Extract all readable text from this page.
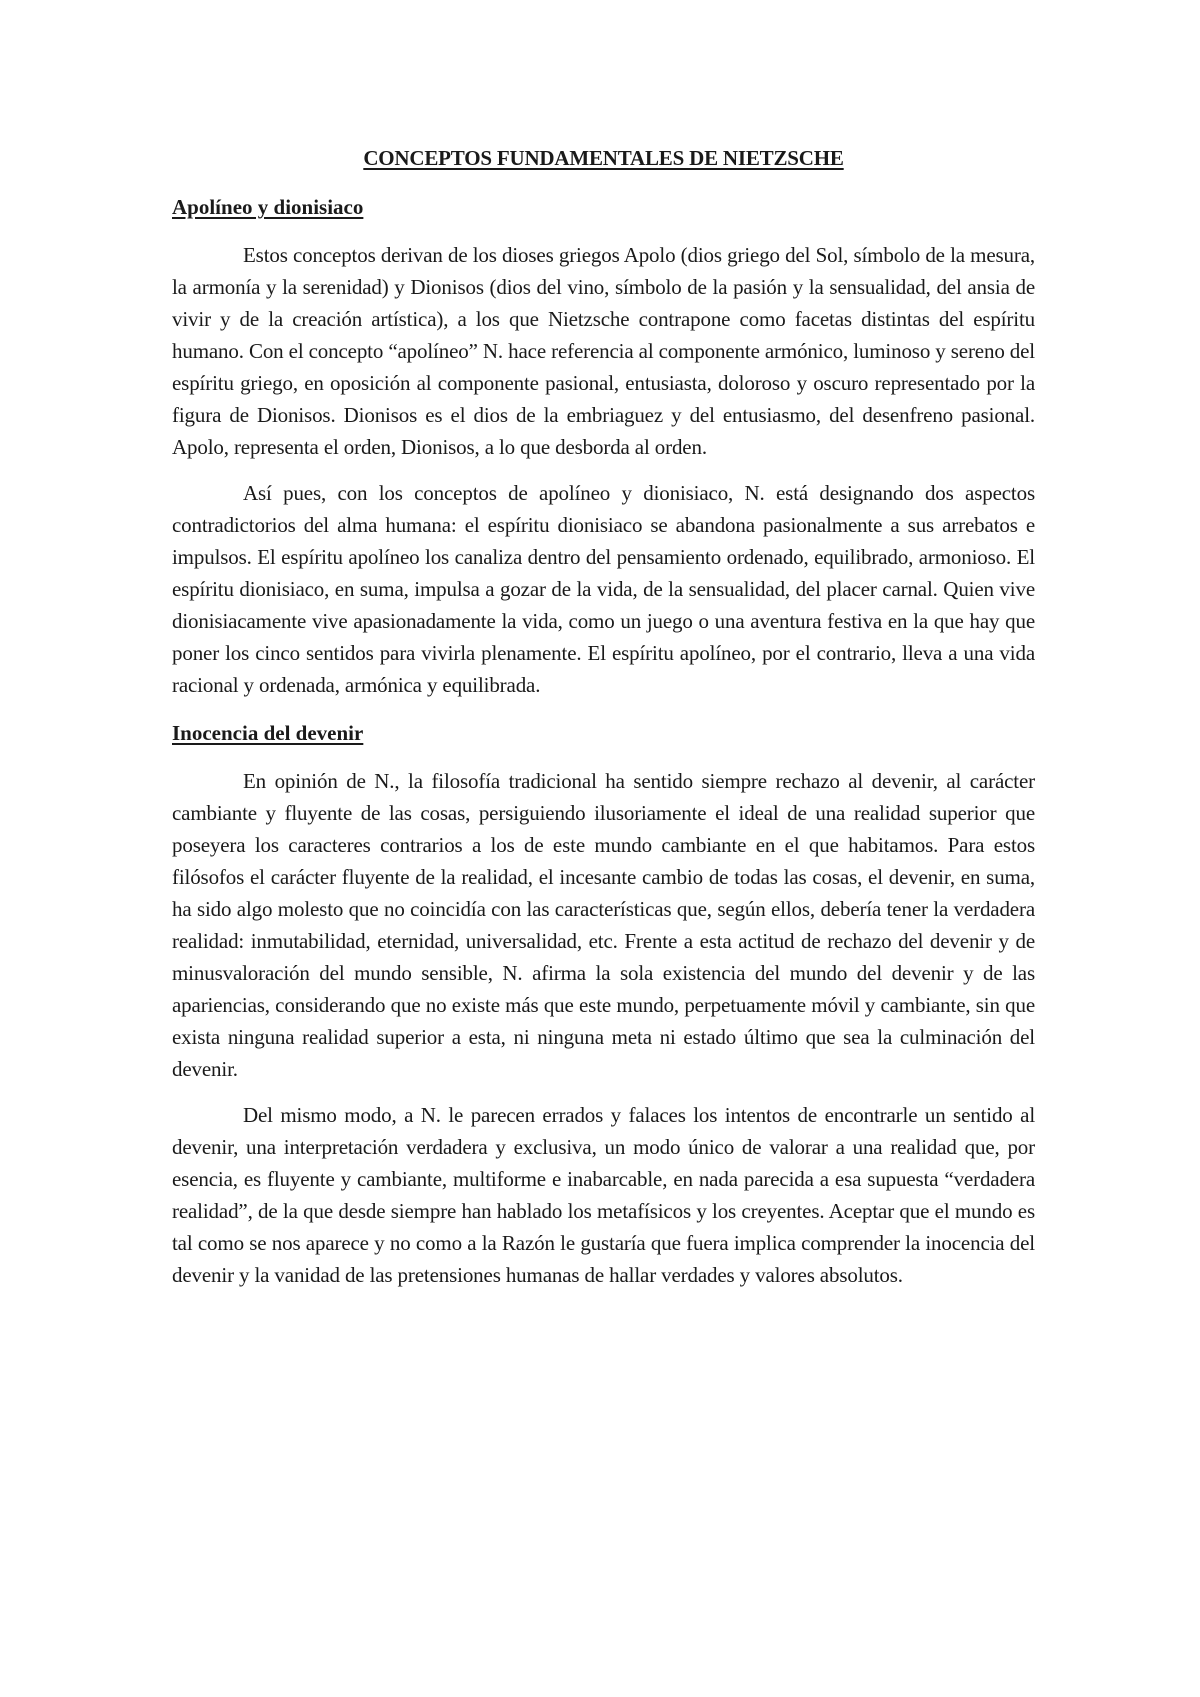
CONCEPTOS FUNDAMENTALES DE NIETZSCHE
Apolíneo y dionisiaco

Estos conceptos derivan de los dioses griegos Apolo (dios griego del Sol, símbolo de la mesura, la armonía y la serenidad) y Dionisos (dios del vino, símbolo de la pasión y la sensualidad, del ansia de vivir y de la creación artística), a los que Nietzsche contrapone como facetas distintas del espíritu humano. Con el concepto “apolíneo” N. hace referencia al componente armónico, luminoso y sereno del espíritu griego, en oposición al componente pasional, entusiasta, doloroso y oscuro representado por la figura de Dionisos. Dionisos es el dios de la embriaguez y del entusiasmo, del desenfreno pasional. Apolo, representa el orden, Dionisos, a lo que desborda al orden.

Así pues, con los conceptos de apolíneo y dionisiaco, N. está designando dos aspectos contradictorios del alma humana: el espíritu dionisiaco se abandona pasionalmente a sus arrebatos e impulsos. El espíritu apolíneo los canaliza dentro del pensamiento ordenado, equilibrado, armonioso. El espíritu dionisiaco, en suma, impulsa a gozar de la vida, de la sensualidad, del placer carnal. Quien vive dionisiacamente vive apasionadamente la vida, como un juego o una aventura festiva en la que hay que poner los cinco sentidos para vivirla plenamente. El espíritu apolíneo, por el contrario, lleva a una vida racional y ordenada, armónica y equilibrada.

Inocencia del devenir

En opinión de N., la filosofía tradicional ha sentido siempre rechazo al devenir, al carácter cambiante y fluyente de las cosas, persiguiendo ilusoriamente el ideal de una realidad superior que poseyera los caracteres contrarios a los de este mundo cambiante en el que habitamos. Para estos filósofos el carácter fluyente de la realidad, el incesante cambio de todas las cosas, el devenir, en suma, ha sido algo molesto que no coincidía con las características que, según ellos, debería tener la verdadera realidad: inmutabilidad, eternidad, universalidad, etc. Frente a esta actitud de rechazo del devenir y de minusvaloración del mundo sensible, N. afirma la sola existencia del mundo del devenir y de las apariencias, considerando que no existe más que este mundo, perpetuamente móvil y cambiante, sin que exista ninguna realidad superior a esta, ni ninguna meta ni estado último que sea la culminación del devenir.

Del mismo modo, a N. le parecen errados y falaces los intentos de encontrarle un sentido al devenir, una interpretación verdadera y exclusiva, un modo único de valorar a una realidad que, por esencia, es fluyente y cambiante, multiforme e inabarcable, en nada parecida a esa supuesta “verdadera realidad”, de la que desde siempre han hablado los metafísicos y los creyentes. Aceptar que el mundo es tal como se nos aparece y no como a la Razón le gustaría que fuera implica comprender la inocencia del devenir y la vanidad de las pretensiones humanas de hallar verdades y valores absolutos.
